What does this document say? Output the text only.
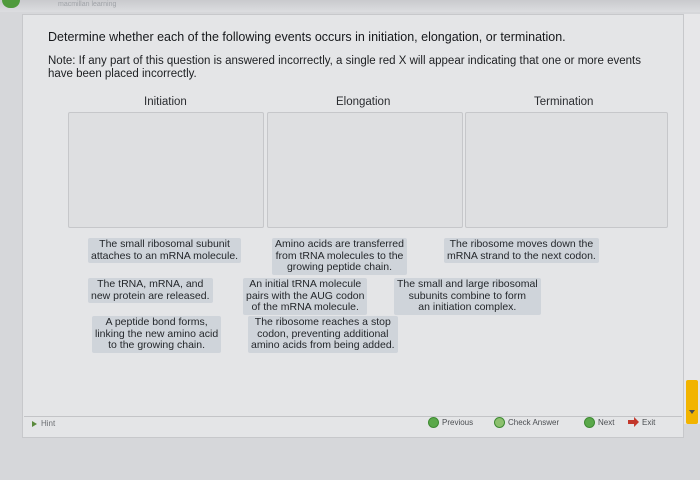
macmillan learning
Determine whether each of the following events occurs in initiation, elongation, or termination.
Note: If any part of this question is answered incorrectly, a single red X will appear indicating that one or more events have been placed incorrectly.
Initiation	Elongation	Termination
The small ribosomal subunit
attaches to an mRNA molecule.
Amino acids are transferred
from tRNA molecules to the
growing peptide chain.
The ribosome moves down the
mRNA strand to the next codon.
The tRNA, mRNA, and
new protein are released.
An initial tRNA molecule
pairs with the AUG codon
of the mRNA molecule.
The small and large ribosomal
subunits combine to form
an initiation complex.
A peptide bond forms,
linking the new amino acid
to the growing chain.
The ribosome reaches a stop
codon, preventing additional
amino acids from being added.
Hint	Previous	Check Answer	Next	Exit
